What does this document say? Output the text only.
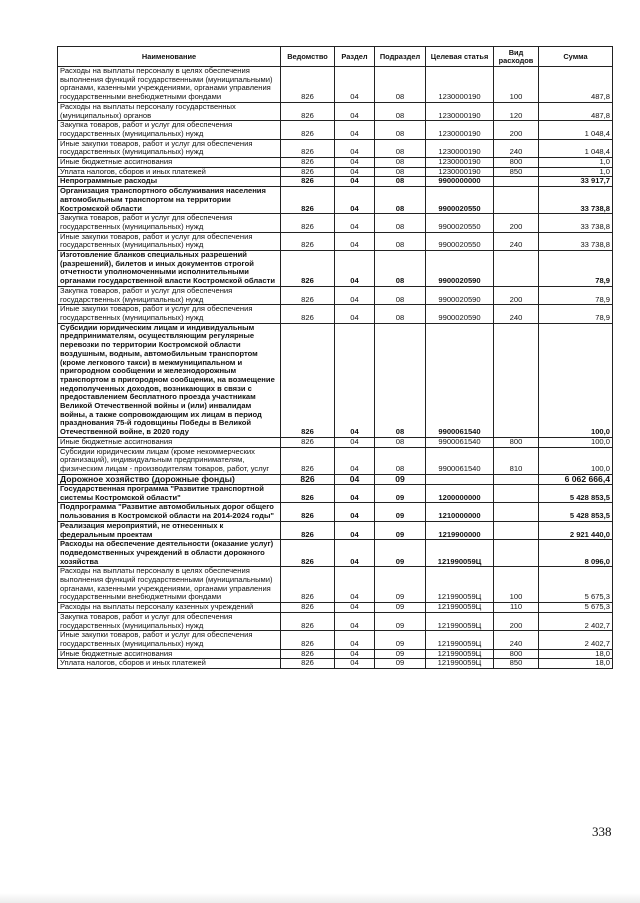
Наименование	Ведомство	Раздел	Подраздел	Целевая статья	Вид расходов	Сумма
Расходы на выплаты персоналу в целях обеспечения выполнения функций государственными (муниципальными) органами, казенными учреждениями, органами управления государственными внебюджетными фондами	826	04	08	1230000190	100	487,8
Расходы на выплаты персоналу государственных (муниципальных) органов	826	04	08	1230000190	120	487,8
Закупка товаров, работ и услуг для обеспечения государственных (муниципальных) нужд	826	04	08	1230000190	200	1 048,4
Иные закупки товаров, работ и услуг для обеспечения государственных (муниципальных) нужд	826	04	08	1230000190	240	1 048,4
Иные бюджетные ассигнования	826	04	08	1230000190	800	1,0
Уплата налогов, сборов и иных платежей	826	04	08	1230000190	850	1,0
Непрограммные расходы	826	04	08	9900000000		33 917,7
Организация транспортного обслуживания населения автомобильным транспортом на территории Костромской области	826	04	08	9900020550		33 738,8
Закупка товаров, работ и услуг для обеспечения государственных (муниципальных) нужд	826	04	08	9900020550	200	33 738,8
Иные закупки товаров, работ и услуг для обеспечения государственных (муниципальных) нужд	826	04	08	9900020550	240	33 738,8
Изготовление бланков специальных разрешений (разрешений), билетов и иных документов строгой отчетности уполномоченными исполнительными органами государственной власти Костромской области	826	04	08	9900020590		78,9
Закупка товаров, работ и услуг для обеспечения государственных (муниципальных) нужд	826	04	08	9900020590	200	78,9
Иные закупки товаров, работ и услуг для обеспечения государственных (муниципальных) нужд	826	04	08	9900020590	240	78,9
Субсидии юридическим лицам и индивидуальным предпринимателям, осуществляющим регулярные перевозки по территории Костромской области воздушным, водным, автомобильным транспортом (кроме легкового такси) в межмуниципальном и пригородном сообщении и железнодорожным транспортом в пригородном сообщении, на возмещение недополученных доходов, возникающих в связи с предоставлением бесплатного проезда участникам Великой Отечественной войны и (или) инвалидам войны, а также сопровождающим их лицам в период празднования 75-й годовщины Победы в Великой Отечественной войне, в 2020 году	826	04	08	9900061540		100,0
Иные бюджетные ассигнования	826	04	08	9900061540	800	100,0
Субсидии юридическим лицам (кроме некоммерческих организаций), индивидуальным предпринимателям, физическим лицам - производителям товаров, работ, услуг	826	04	08	9900061540	810	100,0
Дорожное хозяйство (дорожные фонды)	826	04	09			6 062 666,4
Государственная программа "Развитие транспортной системы Костромской области"	826	04	09	1200000000		5 428 853,5
Подпрограмма "Развитие автомобильных дорог общего пользования в Костромской области на 2014-2024 годы"	826	04	09	1210000000		5 428 853,5
Реализация мероприятий, не отнесенных к федеральным проектам	826	04	09	1219900000		2 921 440,0
Расходы на обеспечение деятельности (оказание услуг) подведомственных учреждений в области дорожного хозяйства	826	04	09	121990059Ц		8 096,0
Расходы на выплаты персоналу в целях обеспечения выполнения функций государственными (муниципальными) органами, казенными учреждениями, органами управления государственными внебюджетными фондами	826	04	09	121990059Ц	100	5 675,3
Расходы на выплаты персоналу казенных учреждений	826	04	09	121990059Ц	110	5 675,3
Закупка товаров, работ и услуг для обеспечения государственных (муниципальных) нужд	826	04	09	121990059Ц	200	2 402,7
Иные закупки товаров, работ и услуг для обеспечения государственных (муниципальных) нужд	826	04	09	121990059Ц	240	2 402,7
Иные бюджетные ассигнования	826	04	09	121990059Ц	800	18,0
Уплата налогов, сборов и иных платежей	826	04	09	121990059Ц	850	18,0
338
